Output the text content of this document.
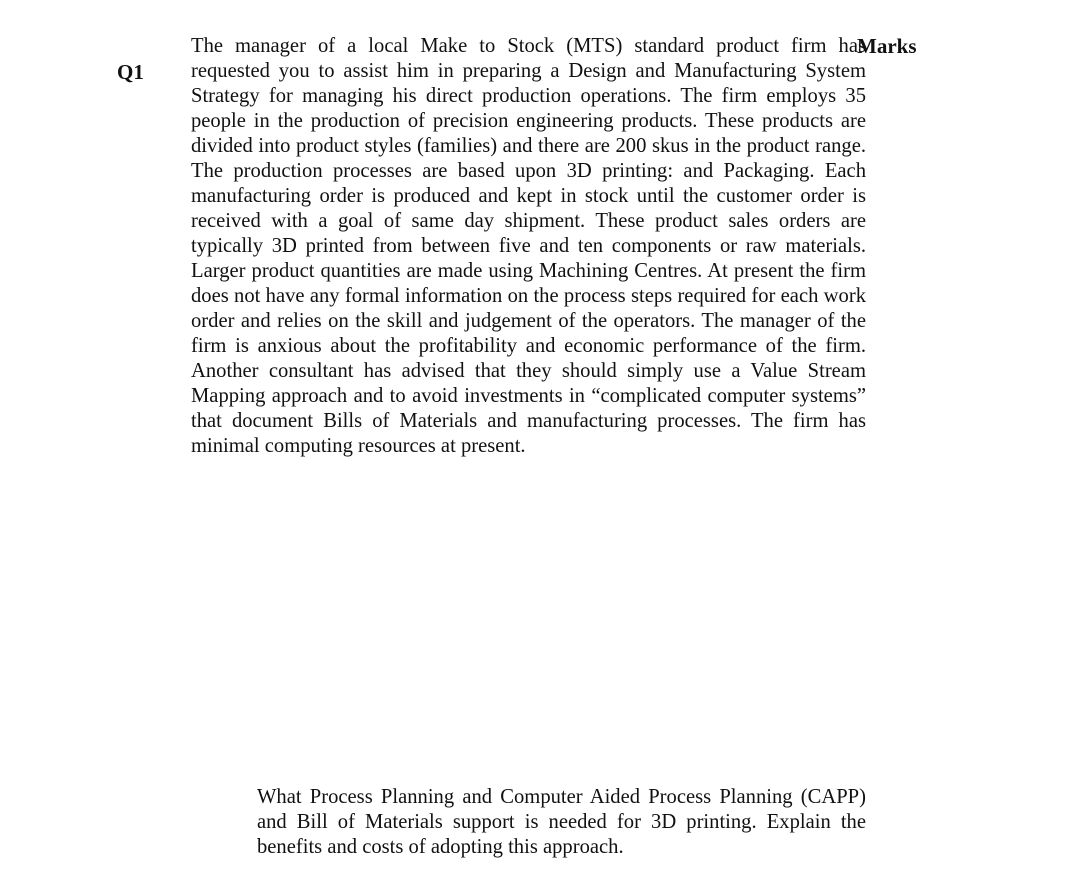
Q1
Marks

The manager of a local Make to Stock (MTS) standard product firm has requested you to assist him in preparing a Design and Manufacturing System Strategy for managing his direct production operations. The firm employs 35 people in the production of precision engineering products. These products are divided into product styles (families) and there are 200 skus in the product range. The production processes are based upon 3D printing: and Packaging. Each manufacturing order is produced and kept in stock until the customer order is received with a goal of same day shipment. These product sales orders are typically 3D printed from between five and ten components or raw materials. Larger product quantities are made using Machining Centres. At present the firm does not have any formal information on the process steps required for each work order and relies on the skill and judgement of the operators. The manager of the firm is anxious about the profitability and economic performance of the firm. Another consultant has advised that they should simply use a Value Stream Mapping approach and to avoid investments in “complicated computer systems” that document Bills of Materials and manufacturing processes. The firm has minimal computing resources at present.

What Process Planning and Computer Aided Process Planning (CAPP) and Bill of Materials support is needed for 3D printing. Explain the benefits and costs of adopting this approach.
